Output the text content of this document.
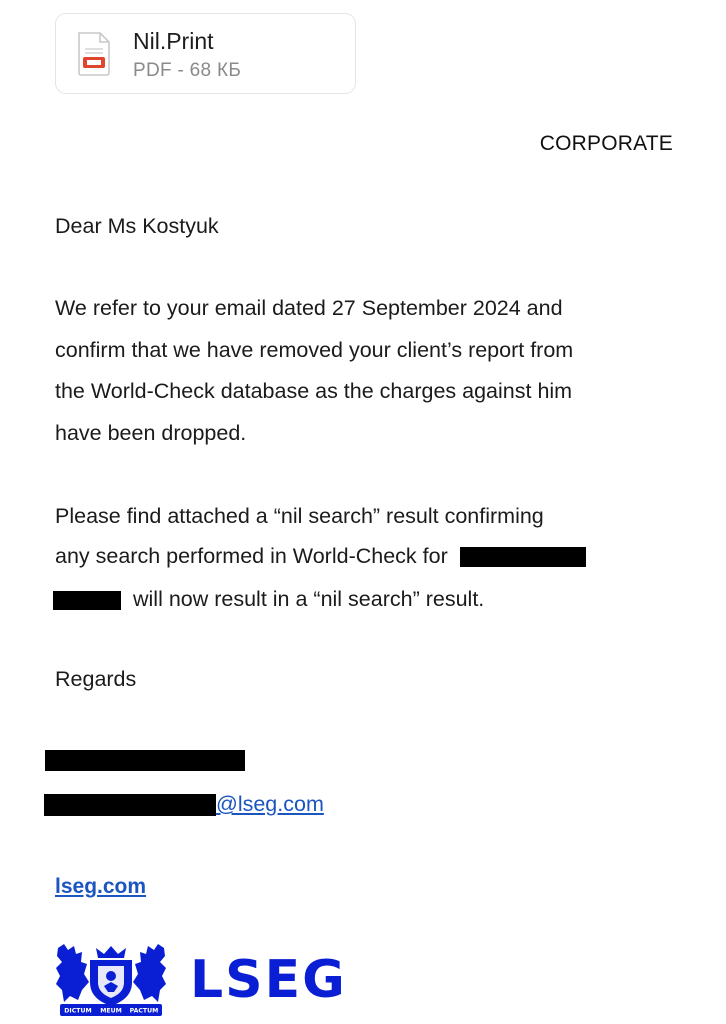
Nil.Print
PDF - 68 КБ
CORPORATE
Dear Ms Kostyuk
We refer to your email dated 27 September 2024 and
confirm that we have removed your client’s report from
the World-Check database as the charges against him
have been dropped.
Please find attached a “nil search” result confirming
any search performed in World-Check for
will now result in a “nil search” result.
Regards
@lseg.com
lseg.com
DICTUM MEUM PACTUM
LSEG
